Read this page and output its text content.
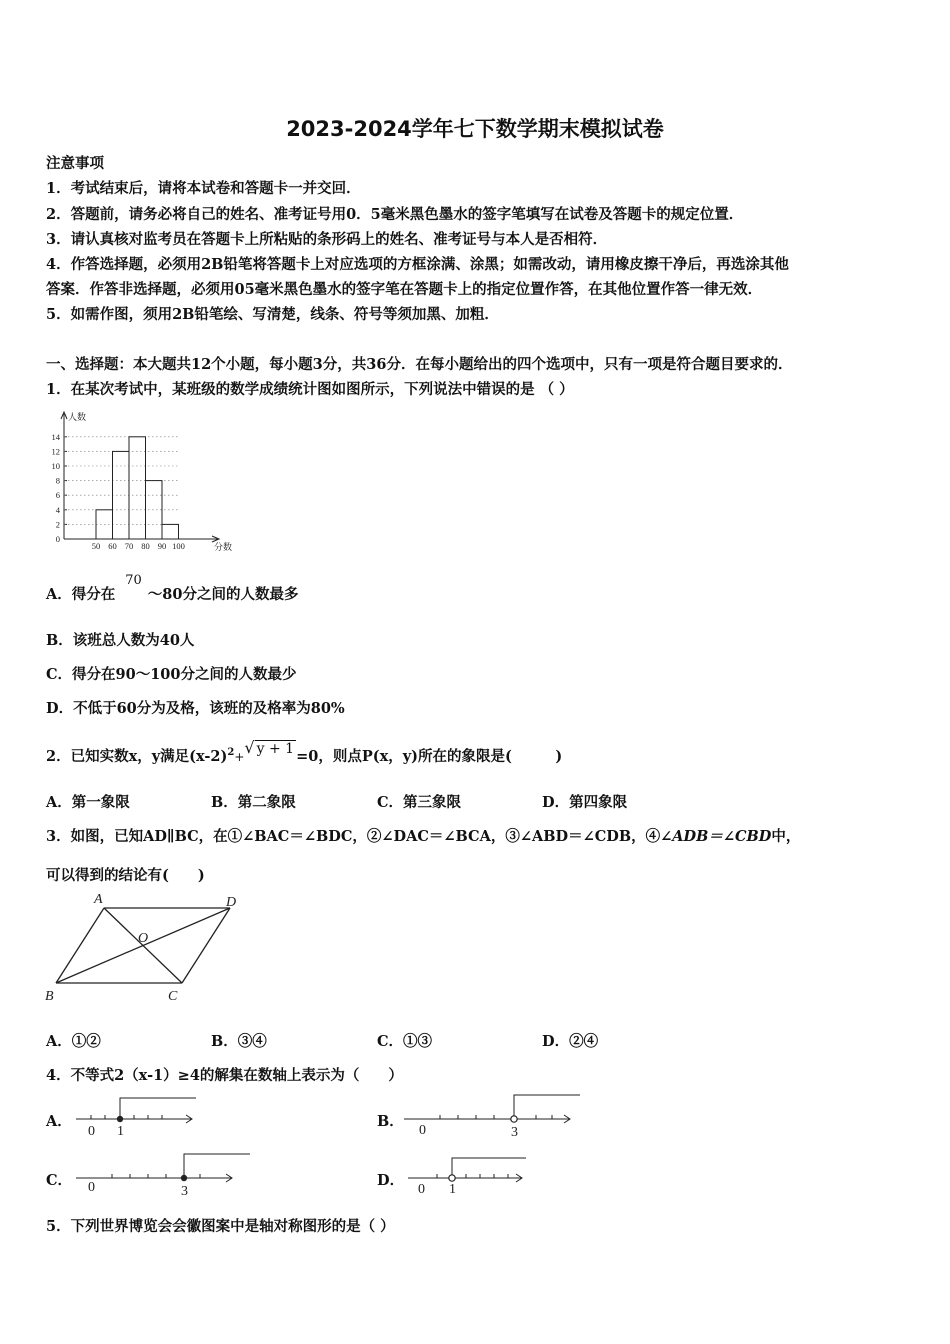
2023-2024学年七下数学期末模拟试卷
注意事项
1．考试结束后，请将本试卷和答题卡一并交回．
2．答题前，请务必将自己的姓名、准考证号用0．5毫米黑色墨水的签字笔填写在试卷及答题卡的规定位置．
3．请认真核对监考员在答题卡上所粘贴的条形码上的姓名、准考证号与本人是否相符．
4．作答选择题，必须用2B铅笔将答题卡上对应选项的方框涂满、涂黑；如需改动，请用橡皮擦干净后，再选涂其他
答案．作答非选择题，必须用05毫米黑色墨水的签字笔在答题卡上的指定位置作答，在其他位置作答一律无效．
5．如需作图，须用2B铅笔绘、写清楚，线条、符号等须加黑、加粗．
一、选择题：本大题共12个小题，每小题3分，共36分．在每小题给出的四个选项中，只有一项是符合题目要求的．
1．在某次考试中，某班级的数学成绩统计图如图所示，下列说法中错误的是 （ ）
0
2
4
6
8
10
12
14
50 60 70 80 90 100
人数
分数
A．得分在70～80分之间的人数最多
B．该班总人数为40人
C．得分在90～100分之间的人数最少
D．不低于60分为及格，该班的及格率为80%
2．已知实数x，y满足$(x-2)^2+√$ y + 1 =0，则点P(x，y)所在的象限是(　　　)
A．第一象限	B．第二象限	C．第三象限	D．第四象限
3．如图，已知AD∥BC，在①∠BAC＝∠BDC，②∠DAC＝∠BCA，③∠ABD＝∠CDB，④∠ADB＝∠CBD中，
可以得到的结论有(　　)
A	D
O
B	C
A．①②	B．③④	C．①③	D．②④
4．不等式2（x-1）≥4的解集在数轴上表示为（　　）
A．
0 1
B．
0	3
C． 0	3
D．
0 1
5．下列世界博览会会徽图案中是轴对称图形的是（ ）
